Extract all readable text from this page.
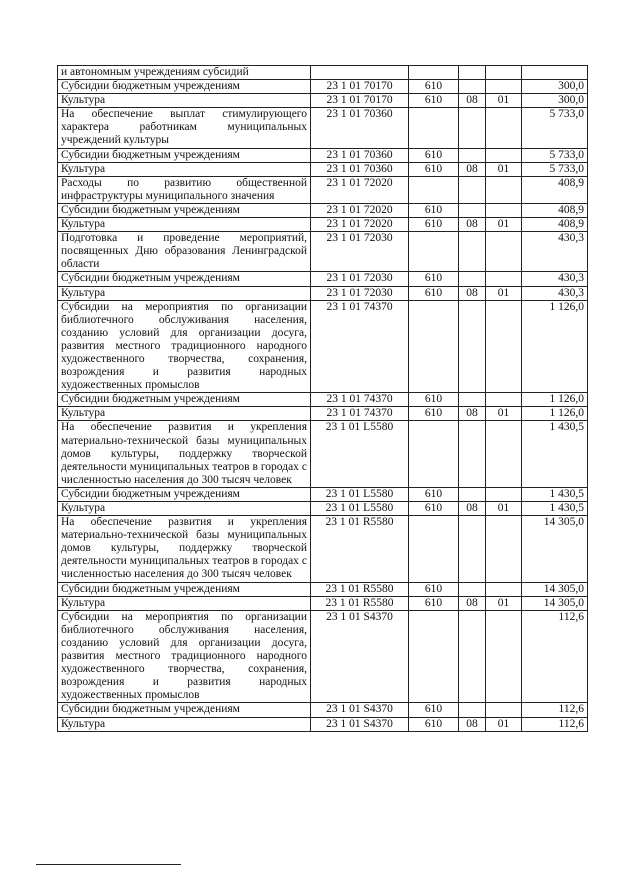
и автономным учреждениям субсидий					
Субсидии бюджетным учреждениям	23 1 01 70170	610			300,0
Культура	23 1 01 70170	610	08	01	300,0
На обеспечение выплат стимулирующего характера работникам муниципальных учреждений культуры	23 1 01 70360				5 733,0
Субсидии бюджетным учреждениям	23 1 01 70360	610			5 733,0
Культура	23 1 01 70360	610	08	01	5 733,0
Расходы по развитию общественной инфраструктуры муниципального значения	23 1 01 72020				408,9
Субсидии бюджетным учреждениям	23 1 01 72020	610			408,9
Культура	23 1 01 72020	610	08	01	408,9
Подготовка и проведение мероприятий, посвященных Дню образования Ленинградской области	23 1 01 72030				430,3
Субсидии бюджетным учреждениям	23 1 01 72030	610			430,3
Культура	23 1 01 72030	610	08	01	430,3
Субсидии на мероприятия по организации библиотечного обслуживания населения, созданию условий для организации досуга, развития местного традиционного народного художественного творчества, сохранения, возрождения и развития народных художественных промыслов	23 1 01 74370				1 126,0
Субсидии бюджетным учреждениям	23 1 01 74370	610			1 126,0
Культура	23 1 01 74370	610	08	01	1 126,0
На обеспечение развития и укрепления материально-технической базы муниципальных домов культуры, поддержку творческой деятельности муниципальных театров в городах с численностью населения до 300 тысяч человек	23 1 01 L5580				1 430,5
Субсидии бюджетным учреждениям	23 1 01 L5580	610			1 430,5
Культура	23 1 01 L5580	610	08	01	1 430,5
На обеспечение развития и укрепления материально-технической базы муниципальных домов культуры, поддержку творческой деятельности муниципальных театров в городах с численностью населения до 300 тысяч человек	23 1 01 R5580				14 305,0
Субсидии бюджетным учреждениям	23 1 01 R5580	610			14 305,0
Культура	23 1 01 R5580	610	08	01	14 305,0
Субсидии на мероприятия по организации библиотечного обслуживания населения, созданию условий для организации досуга, развития местного традиционного народного художественного творчества, сохранения, возрождения и развития народных художественных промыслов	23 1 01 S4370				112,6
Субсидии бюджетным учреждениям	23 1 01 S4370	610			112,6
Культура	23 1 01 S4370	610	08	01	112,6
